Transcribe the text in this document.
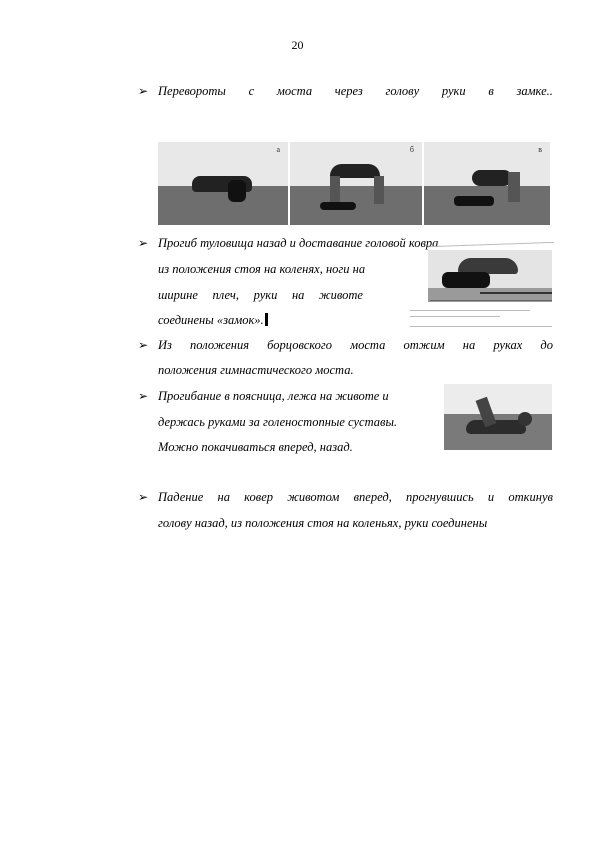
20
➢ Перевороты с моста через голову руки в замке..
а	б	в
➢ Прогиб туловища назад и доставание головой ковра
из положения стоя на коленях, ноги на
ширине плеч, руки на животе
соединены «замок».
➢ Из положения борцовского моста отжим на руках до
положения гимнастического моста.
➢ Прогибание в поясница, лежа на животе и
держась руками за голеностопные суставы.
Можно покачиваться вперед, назад.
➢ Падение на ковер животом вперед, прогнувшись и откинув
голову назад, из положения стоя на коленьях, руки соединены
